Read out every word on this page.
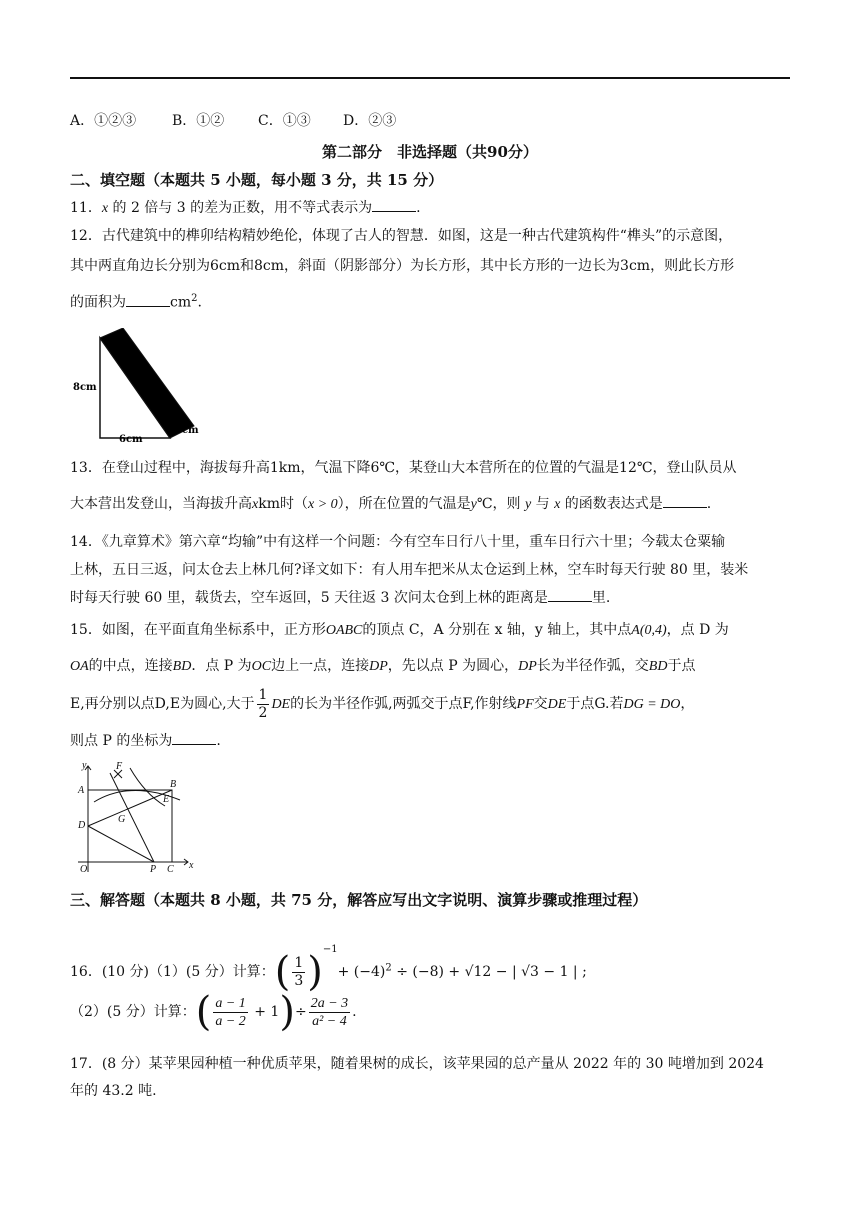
A．①②③	B．①② C．①③ D．②③
第二部分　非选择题（共90分）
二、填空题（本题共 5 小题，每小题 3 分，共 15 分）
11．x 的 2 倍与 3 的差为正数，用不等式表示为	.
12．古代建筑中的榫卯结构精妙绝伦，体现了古人的智慧．如图，这是一种古代建筑构件“榫头”的示意图，
其中两直角边长分别为6cm和8cm，斜面（阴影部分）为长方形，其中长方形的一边长为3cm，则此长方形
的面积为	$cm^2$.
8cm
6cm
3cm
13．在登山过程中，海拔每升高1km，气温下降6℃，某登山大本营所在的位置的气温是12℃，登山队员从
大本营出发登山，当海拔升高xkm时（x > 0），所在位置的气温是y℃，则 y 与 x 的函数表达式是	.
14．《九章算术》第六章“均输”中有这样一个问题：今有空车日行八十里，重车日行六十里；今载太仓粟输
上林，五日三返，问太仓去上林几何?译文如下：有人用车把米从太仓运到上林，空车时每天行驶 80 里，装米
时每天行驶 60 里，载货去，空车返回，5 天往返 3 次问太仓到上林的距离是	里.
15．如图，在平面直角坐标系中，正方形OABC的顶点 C，A 分别在 x 轴，y 轴上，其中点A(0,4)，点 D 为
OA的中点，连接BD．点 P 为OC边上一点，连接DP，先以点 P 为圆心，DP长为半径作弧，交BD于点
E,再分别以点D,E为圆心,大于 $\frac{1}{2}$ DE的长为半径作弧,两弧交于点F,作射线PF交DE于点G.若DG = DO，
则点 P 的坐标为	.
y
x
A
B
C
D
E
F
G
O	P
三、解答题（本题共 8 小题，共 75 分，解答应写出文字说明、演算步骤或推理过程）
16．(10 分)（1）(5 分）计算：( $\frac{1}{3} )^{-1}+ (-4)^2 \div (-8) + √12$ − | √3 − 1 | ;
（2）(5 分）计算：( $\frac{a - 1}{a - 2} + 1)\div \frac{2a - 3}{\text{a² − 4}}$ .
17．(8 分）某苹果园种植一种优质苹果，随着果树的成长，该苹果园的总产量从 2022 年的 30 吨增加到 2024
年的 43.2 吨.
